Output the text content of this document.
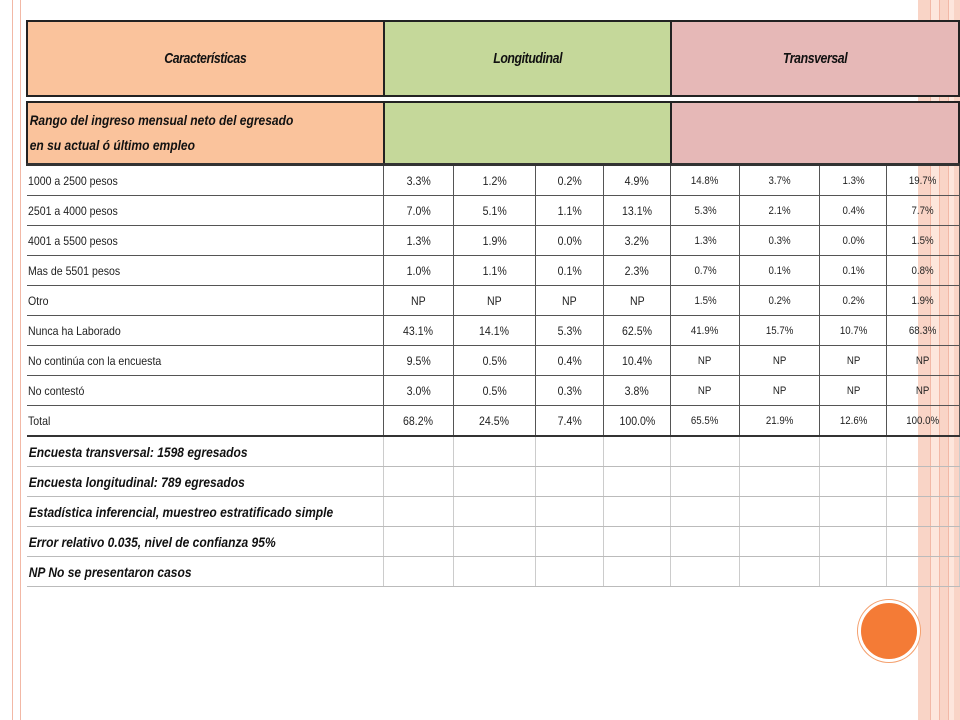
Características	Longitudinal				Transversal			

Rango del ingreso mensual neto del egresado
en su actual ó último empleo								

1000 a 2500 pesos	3.3%	1.2%	0.2%	4.9%	14.8%	3.7%	1.3%	19.7%
2501 a 4000 pesos	7.0%	5.1%	1.1%	13.1%	5.3%	2.1%	0.4%	7.7%
4001 a 5500 pesos	1.3%	1.9%	0.0%	3.2%	1.3%	0.3%	0.0%	1.5%
Mas de 5501 pesos	1.0%	1.1%	0.1%	2.3%	0.7%	0.1%	0.1%	0.8%
Otro	NP	NP	NP	NP	1.5%	0.2%	0.2%	1.9%
Nunca ha Laborado	43.1%	14.1%	5.3%	62.5%	41.9%	15.7%	10.7%	68.3%
No continúa con la encuesta	9.5%	0.5%	0.4%	10.4%	NP	NP	NP	NP
No contestó	3.0%	0.5%	0.3%	3.8%	NP	NP	NP	NP
Total	68.2%	24.5%	7.4%	100.0%	65.5%	21.9%	12.6%	100.0%
Encuesta transversal: 1598 egresados								
Encuesta longitudinal: 789 egresados								
Estadística inferencial, muestreo estratificado simple								
Error relativo 0.035, nivel de confianza 95%								
NP No se presentaron casos								
